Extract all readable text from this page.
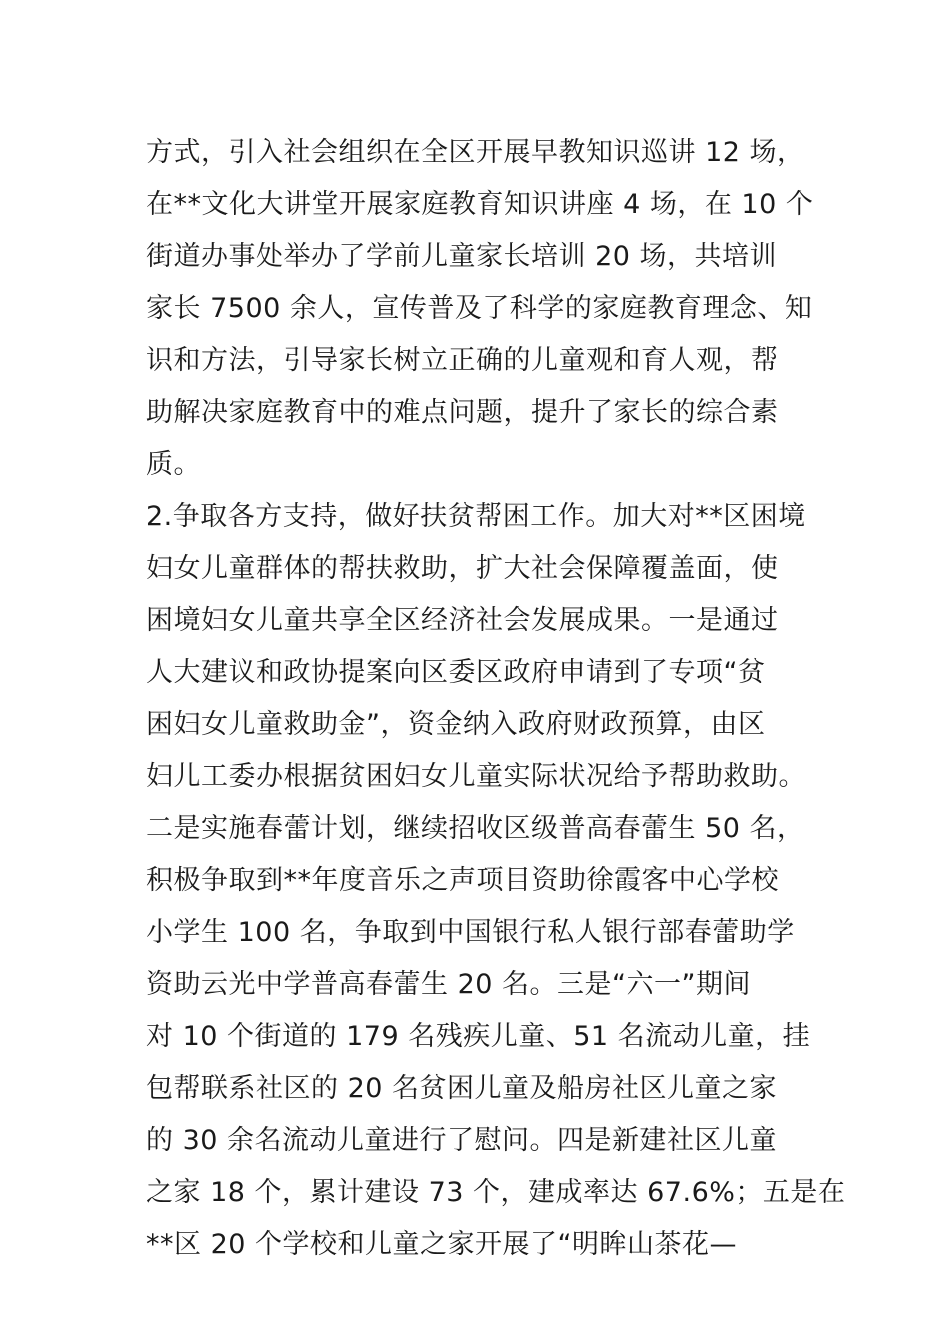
方式，引入社会组织在全区开展早教知识巡讲 12 场，
在**文化大讲堂开展家庭教育知识讲座 4 场，在 10 个
街道办事处举办了学前儿童家长培训 20 场，共培训
家长 7500 余人，宣传普及了科学的家庭教育理念、知
识和方法，引导家长树立正确的儿童观和育人观，帮
助解决家庭教育中的难点问题，提升了家长的综合素
质。
2.争取各方支持，做好扶贫帮困工作。加大对**区困境
妇女儿童群体的帮扶救助，扩大社会保障覆盖面，使
困境妇女儿童共享全区经济社会发展成果。一是通过
人大建议和政协提案向区委区政府申请到了专项“贫
困妇女儿童救助金”，资金纳入政府财政预算，由区
妇儿工委办根据贫困妇女儿童实际状况给予帮助救助。
二是实施春蕾计划，继续招收区级普高春蕾生 50 名，
积极争取到**年度音乐之声项目资助徐霞客中心学校
小学生 100 名，争取到中国银行私人银行部春蕾助学
资助云光中学普高春蕾生 20 名。三是“六一”期间
对 10 个街道的 179 名残疾儿童、51 名流动儿童，挂
包帮联系社区的 20 名贫困儿童及船房社区儿童之家
的 30 余名流动儿童进行了慰问。四是新建社区儿童
之家 18 个，累计建设 73 个，建成率达 67.6%；五是在
**区 20 个学校和儿童之家开展了“明眸山茶花—
